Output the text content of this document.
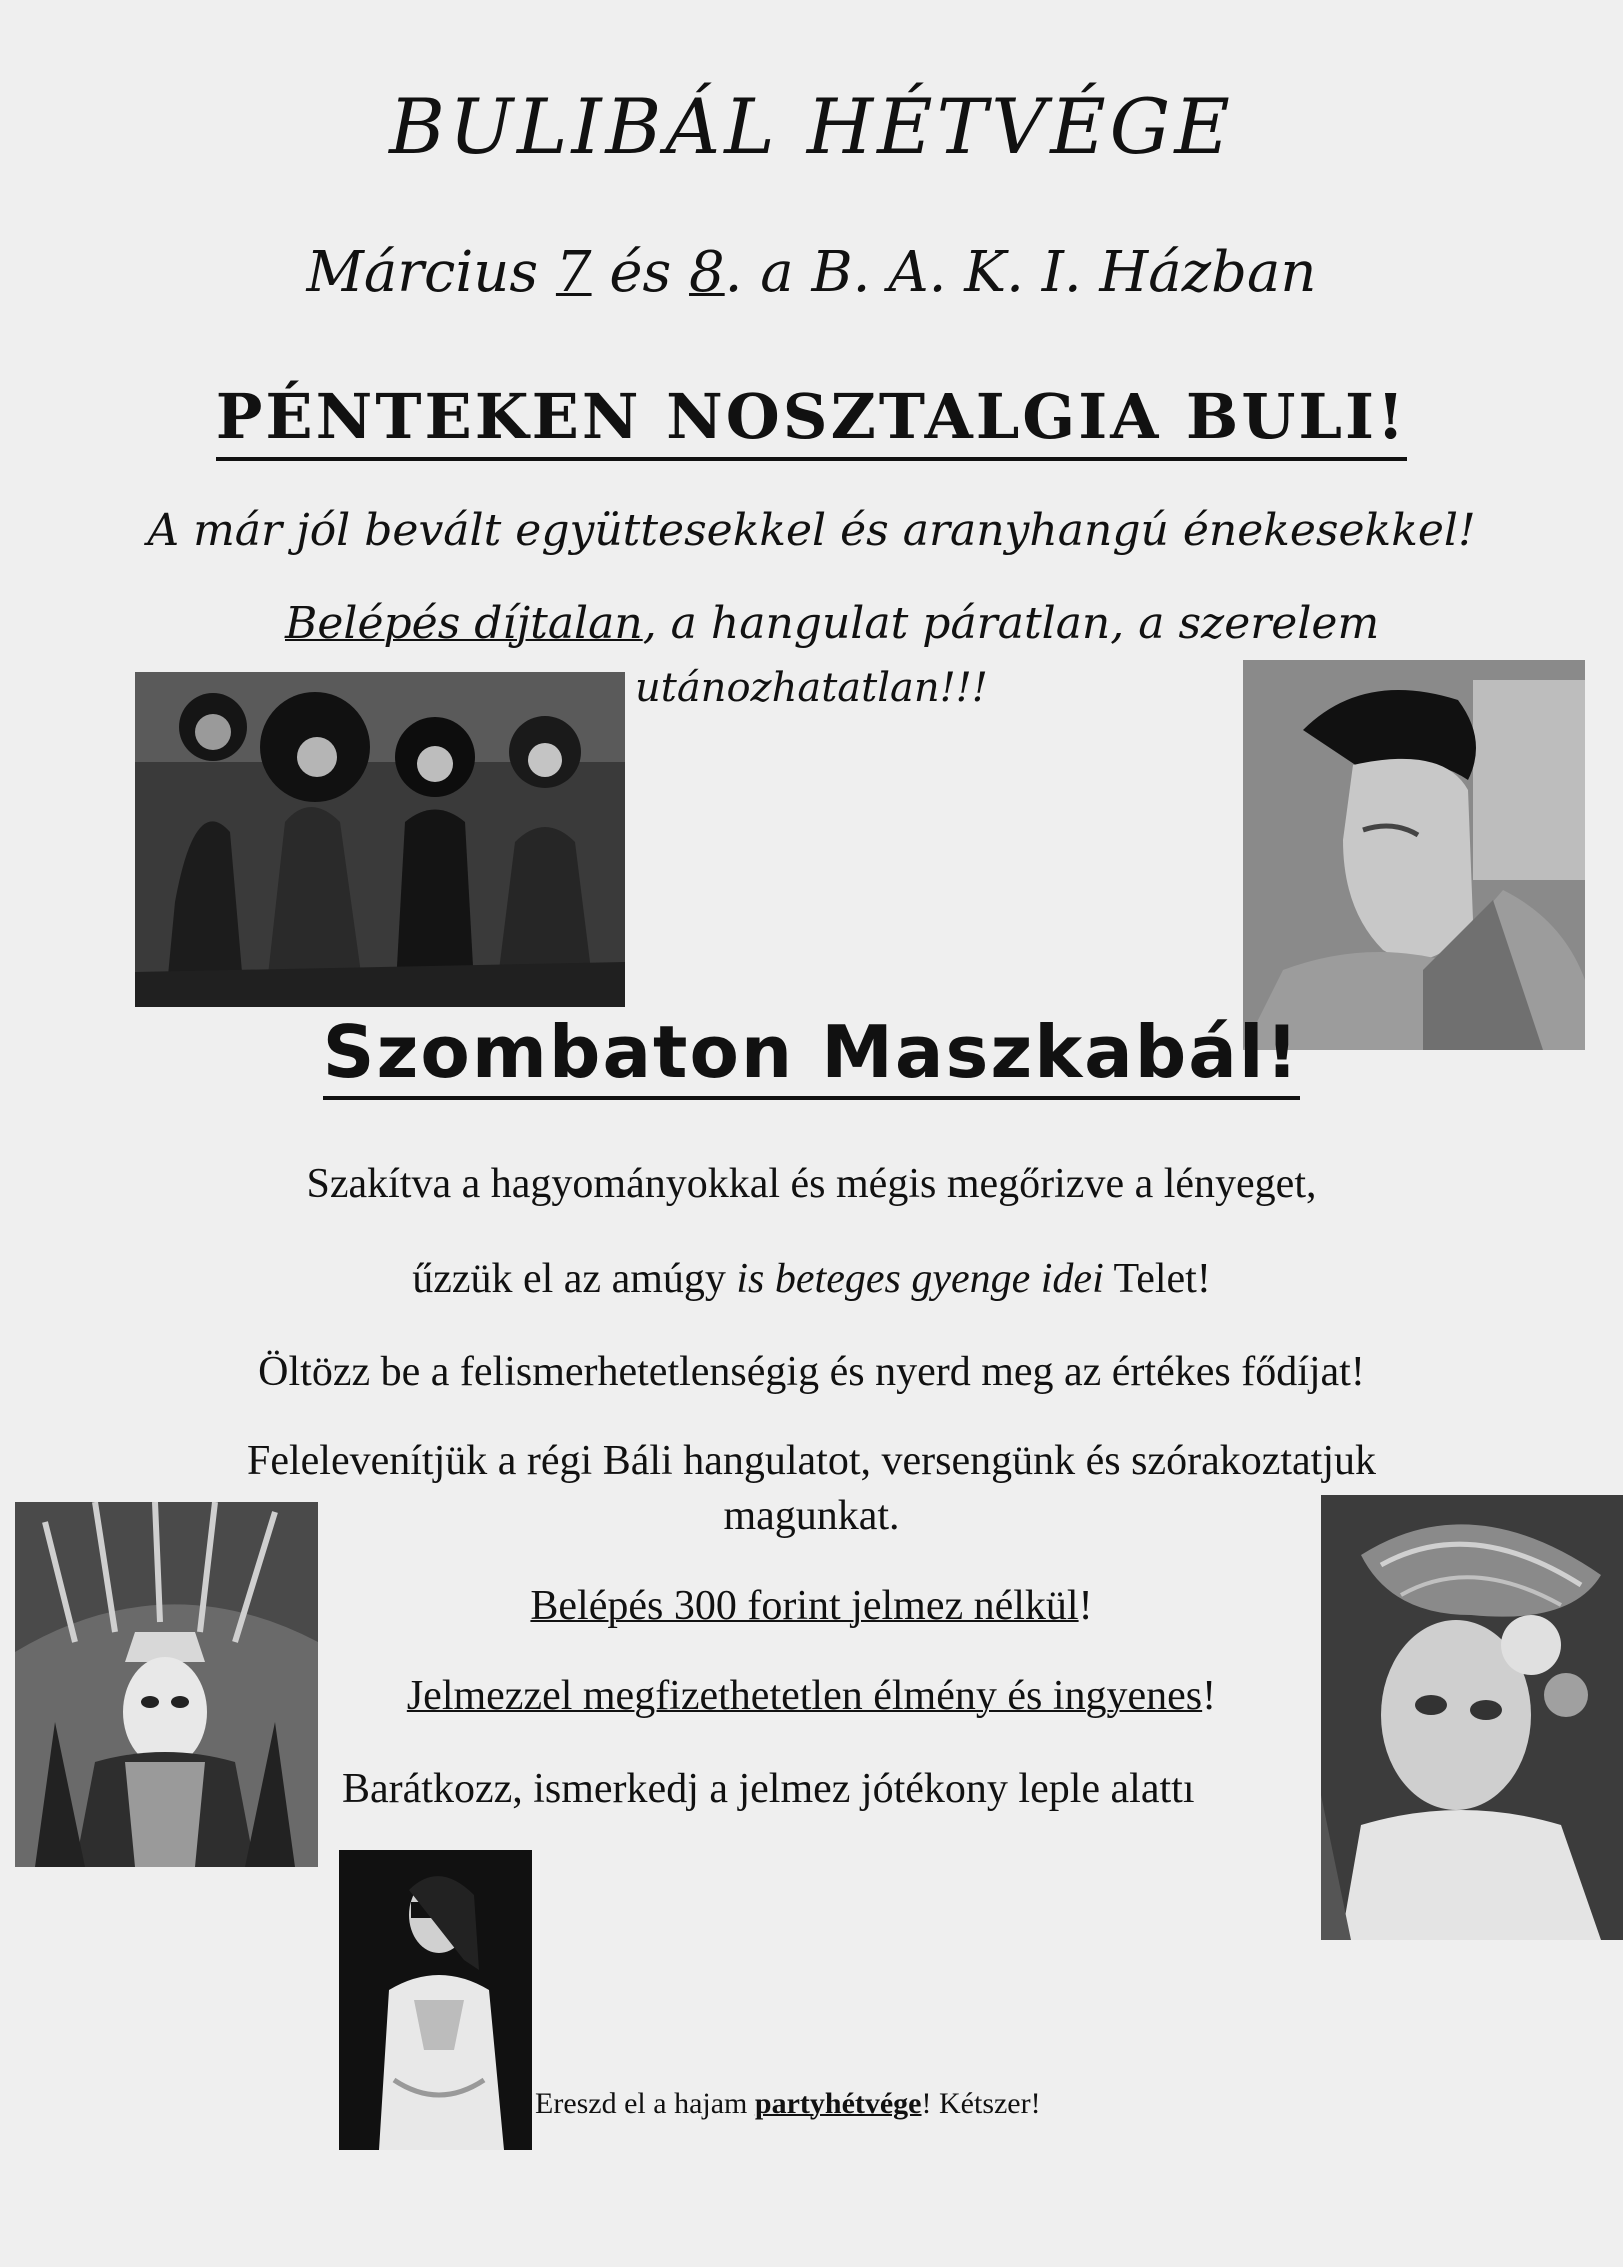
BULIBÁL HÉTVÉGE
Március 7 és 8. a B. A. K. I. Házban
PÉNTEKEN NOSZTALGIA BULI!
A már jól bevált együttesekkel és aranyhangú énekesekkel!
Belépés díjtalan, a hangulat páratlan, a szerelem
utánozhatatlan!!!
Szombaton Maszkabál!
Szakítva a hagyományokkal és mégis megőrizve a lényeget,
űzzük el az amúgy is beteges gyenge idei Telet!
Öltözz be a felismerhetetlenségig és nyerd meg az értékes fődíjat!
Felelevenítjük a régi Báli hangulatot, versengünk és szórakoztatjuk
magunkat.
Belépés 300 forint jelmez nélkül!
Jelmezzel megfizethetetlen élmény és ingyenes!
Barátkozz, ismerkedj a jelmez jótékony leple alattı
Ereszd el a hajam partyhétvége! Kétszer!
